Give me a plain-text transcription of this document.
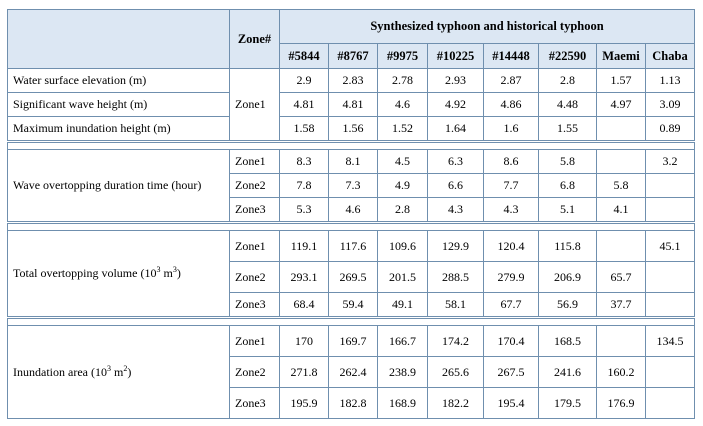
	Zone#	Synthesized typhoon and historical typhoon							
		#5844	#8767	#9975	#10225	#14448	#22590	Maemi	Chaba
Water surface elevation (m)	Zone1	2.9	2.83	2.78	2.93	2.87	2.8	1.57	1.13
Significant wave height (m)		4.81	4.81	4.6	4.92	4.86	4.48	4.97	3.09
Maximum inundation height (m)		1.58	1.56	1.52	1.64	1.6	1.55		0.89

Wave overtopping duration time (hour)	Zone1	8.3	8.1	4.5	6.3	8.6	5.8		3.2
	Zone2	7.8	7.3	4.9	6.6	7.7	6.8	5.8	
	Zone3	5.3	4.6	2.8	4.3	4.3	5.1	4.1	

Total overtopping volume ($10^3$ $m^3$)	Zone1	119.1	117.6	109.6	129.9	120.4	115.8		45.1
	Zone2	293.1	269.5	201.5	288.5	279.9	206.9	65.7	
	Zone3	68.4	59.4	49.1	58.1	67.7	56.9	37.7	

Inundation area ($10^3$ $m^2$)	Zone1	170	169.7	166.7	174.2	170.4	168.5		134.5
	Zone2	271.8	262.4	238.9	265.6	267.5	241.6	160.2	
	Zone3	195.9	182.8	168.9	182.2	195.4	179.5	176.9	
